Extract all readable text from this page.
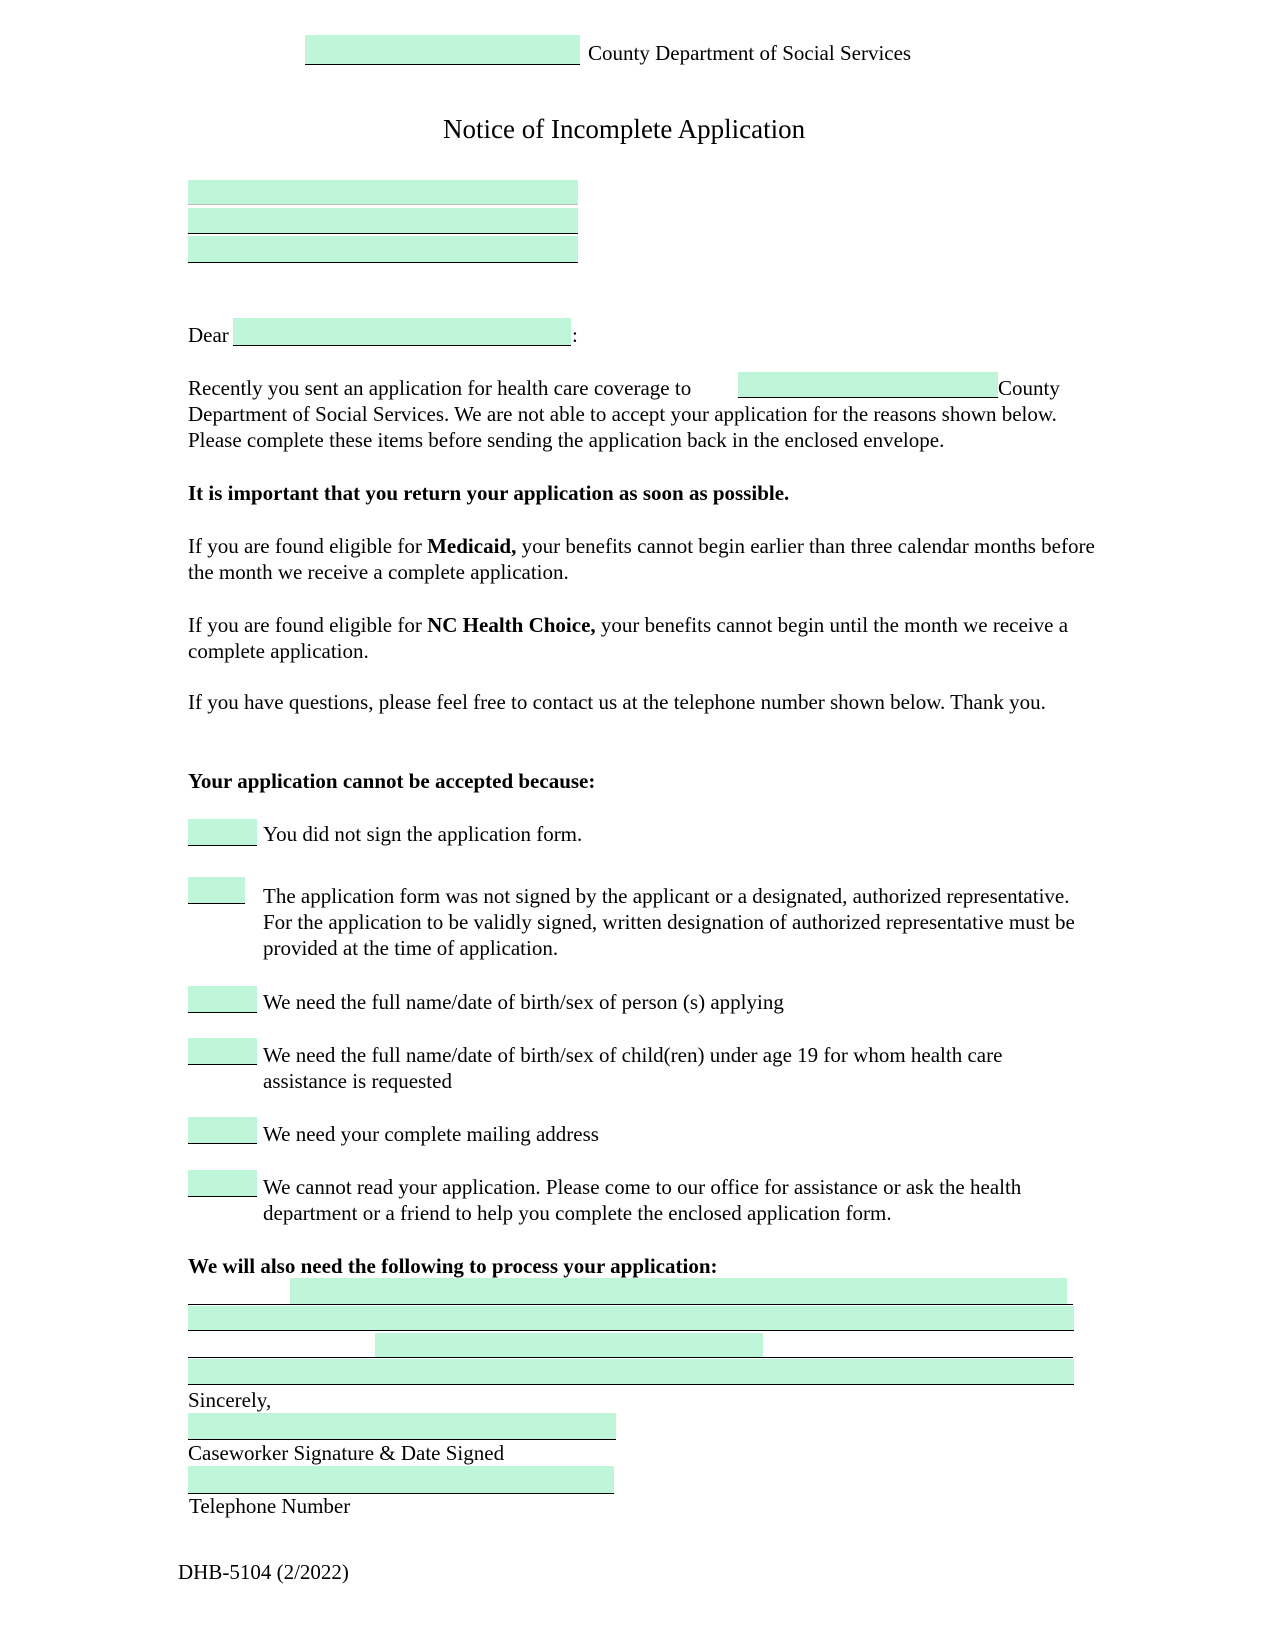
County Department of Social Services

Notice of Incomplete Application

Dear	:

Recently you sent an application for health care coverage to	County

Department of Social Services. We are not able to accept your application for the reasons shown below. Please complete these items before sending the application back in the enclosed envelope.

It is important that you return your application as soon as possible.

If you are found eligible for Medicaid, your benefits cannot begin earlier than three calendar months before the month we receive a complete application.

If you are found eligible for NC Health Choice, your benefits cannot begin until the month we receive a complete application.

If you have questions, please feel free to contact us at the telephone number shown below. Thank you.

Your application cannot be accepted because:

You did not sign the application form.

The application form was not signed by the applicant or a designated, authorized representative. For the application to be validly signed, written designation of authorized representative must be provided at the time of application.

We need the full name/date of birth/sex of person (s) applying

We need the full name/date of birth/sex of child(ren) under age 19 for whom health care assistance is requested

We need your complete mailing address

We cannot read your application. Please come to our office for assistance or ask the health department or a friend to help you complete the enclosed application form.

We will also need the following to process your application:

Sincerely,

Caseworker Signature & Date Signed

Telephone Number

DHB-5104 (2/2022)
